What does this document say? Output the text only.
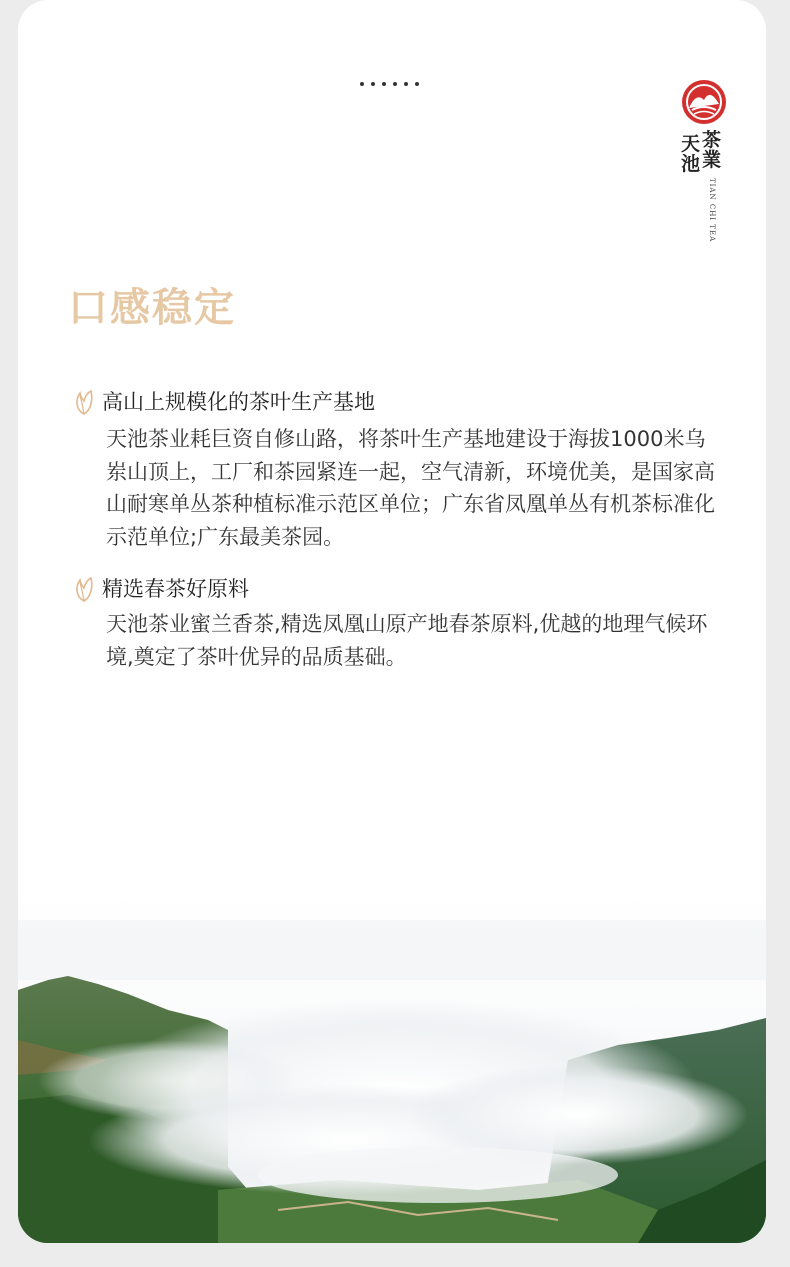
茶
業
天
池
TIAN CHI TEA
口感稳定
高山上规模化的茶叶生产基地
天池茶业耗巨资自修山路，将茶叶生产基地建设于海拔1000米乌岽山顶上，工厂和茶园紧连一起，空气清新，环境优美，是国家高山耐寒单丛茶种植标准示范区单位；广东省凤凰单丛有机茶标准化示范单位;广东最美茶园。
精选春茶好原料
天池茶业蜜兰香茶,精选凤凰山原产地春茶原料,优越的地理气候环境,奠定了茶叶优异的品质基础。
